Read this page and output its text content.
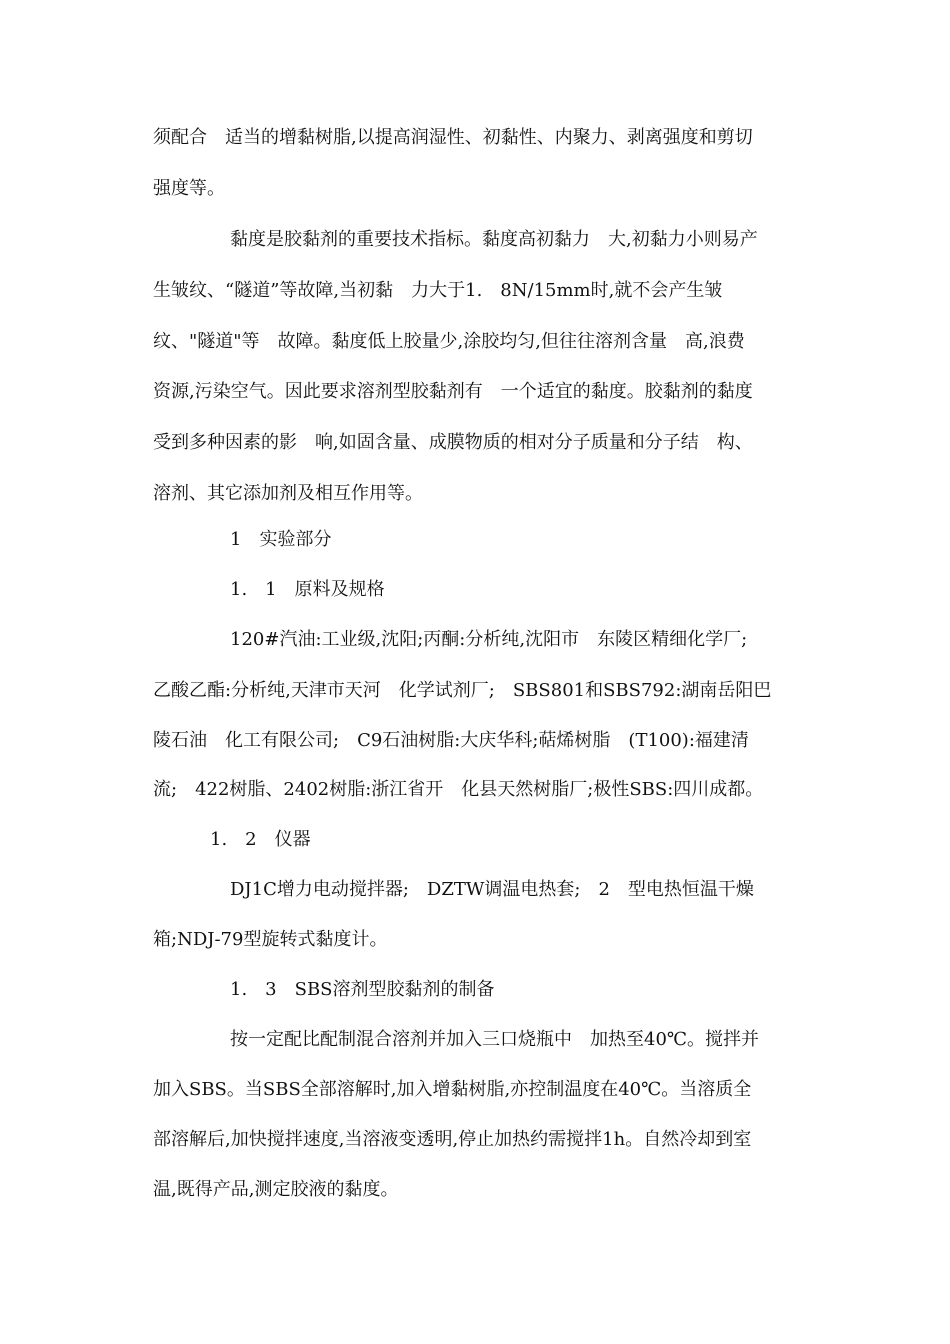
须配合　适当的增黏树脂,以提高润湿性、初黏性、内聚力、剥离强度和剪切
强度等。
黏度是胶黏剂的重要技术指标。黏度高初黏力　大,初黏力小则易产
生皱纹、“隧道”等故障,当初黏　力大于1.　8N/15mm时,就不会产生皱
纹、"隧道"等　故障。黏度低上胶量少,涂胶均匀,但往往溶剂含量　高,浪费
资源,污染空气。因此要求溶剂型胶黏剂有　一个适宜的黏度。胶黏剂的黏度
受到多种因素的影　响,如固含量、成膜物质的相对分子质量和分子结　构、
溶剂、其它添加剂及相互作用等。
1　实验部分
1.　1　原料及规格
120#汽油:工业级,沈阳;丙酮:分析纯,沈阳市　东陵区精细化学厂;
乙酸乙酯:分析纯,天津市天河　化学试剂厂;　SBS801和SBS792:湖南岳阳巴
陵石油　化工有限公司;　C9石油树脂:大庆华科;萜烯树脂　(T100):福建清
流;　422树脂、2402树脂:浙江省开　化县天然树脂厂;极性SBS:四川成都。
1.　2　仪器
DJ1C增力电动搅拌器;　DZTW调温电热套;　2　型电热恒温干燥
箱;NDJ-79型旋转式黏度计。
1.　3　SBS溶剂型胶黏剂的制备
按一定配比配制混合溶剂并加入三口烧瓶中　加热至40℃。搅拌并
加入SBS。当SBS全部溶解时,加入增黏树脂,亦控制温度在40℃。当溶质全
部溶解后,加快搅拌速度,当溶液变透明,停止加热约需搅拌1h。自然冷却到室
温,既得产品,测定胶液的黏度。
